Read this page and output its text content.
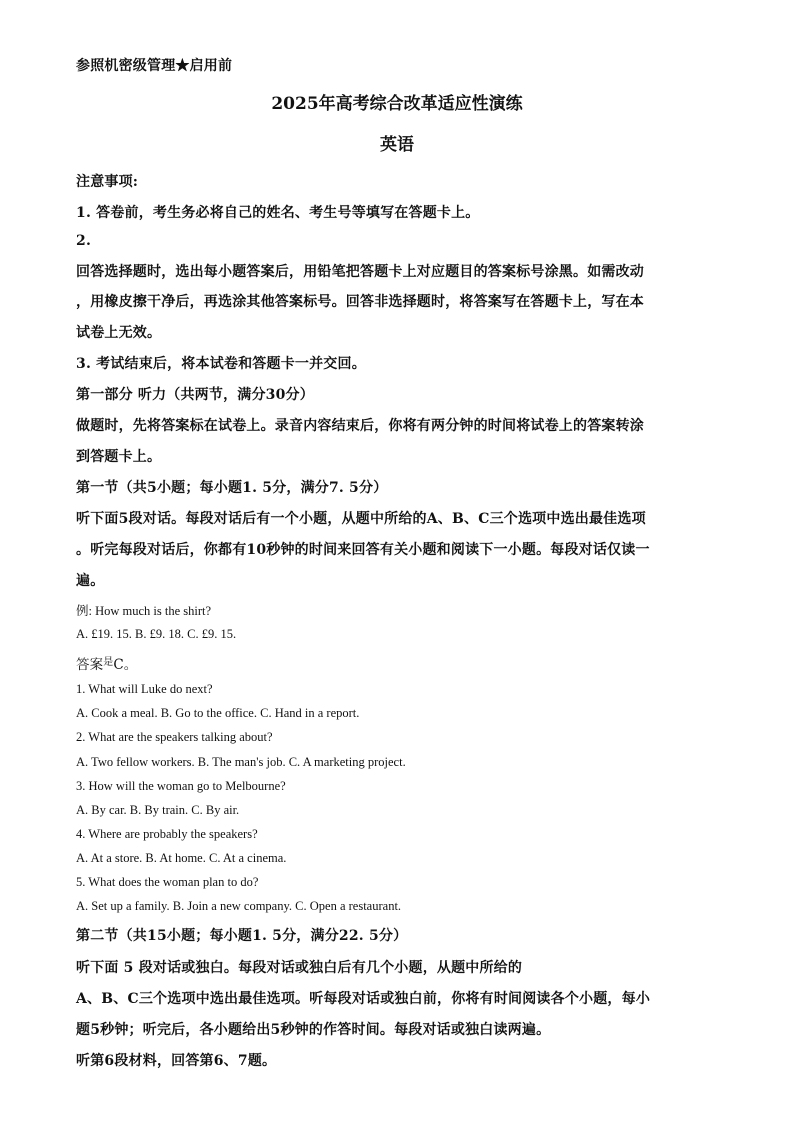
参照机密级管理★启用前
2025年高考综合改革适应性演练
英语
注意事项:
1. 答卷前，考生务必将自己的姓名、考生号等填写在答题卡上。
2.
回答选择题时，选出每小题答案后，用铅笔把答题卡上对应题目的答案标号涂黑。如需改动
，用橡皮擦干净后，再选涂其他答案标号。回答非选择题时，将答案写在答题卡上，写在本
试卷上无效。
3. 考试结束后，将本试卷和答题卡一并交回。
第一部分 听力（共两节，满分30分）
做题时，先将答案标在试卷上。录音内容结束后，你将有两分钟的时间将试卷上的答案转涂
到答题卡上。
第一节（共5小题；每小题1. 5分，满分7. 5分）
听下面5段对话。每段对话后有一个小题，从题中所给的A、B、C三个选项中选出最佳选项
。听完每段对话后，你都有10秒钟的时间来回答有关小题和阅读下一小题。每段对话仅读一
遍。
例: How much is the shirt?
A. £19. 15. B. £9. 18. C. £9. 15.
答案$^是$C。
1. What will Luke do next?
A. Cook a meal. B. Go to the office. C. Hand in a report.
2. What are the speakers talking about?
A. Two fellow workers. B. The man's job. C. A marketing project.
3. How will the woman go to Melbourne?
A. By car. B. By train. C. By air.
4. Where are probably the speakers?
A. At a store. B. At home. C. At a cinema.
5. What does the woman plan to do?
A. Set up a family. B. Join a new company. C. Open a restaurant.
第二节（共15小题；每小题1. 5分，满分22. 5分）
听下面 5 段对话或独白。每段对话或独白后有几个小题，从题中所给的
A、B、C三个选项中选出最佳选项。听每段对话或独白前，你将有时间阅读各个小题，每小
题5秒钟；听完后，各小题给出5秒钟的作答时间。每段对话或独白读两遍。
听第6段材料，回答第6、7题。
